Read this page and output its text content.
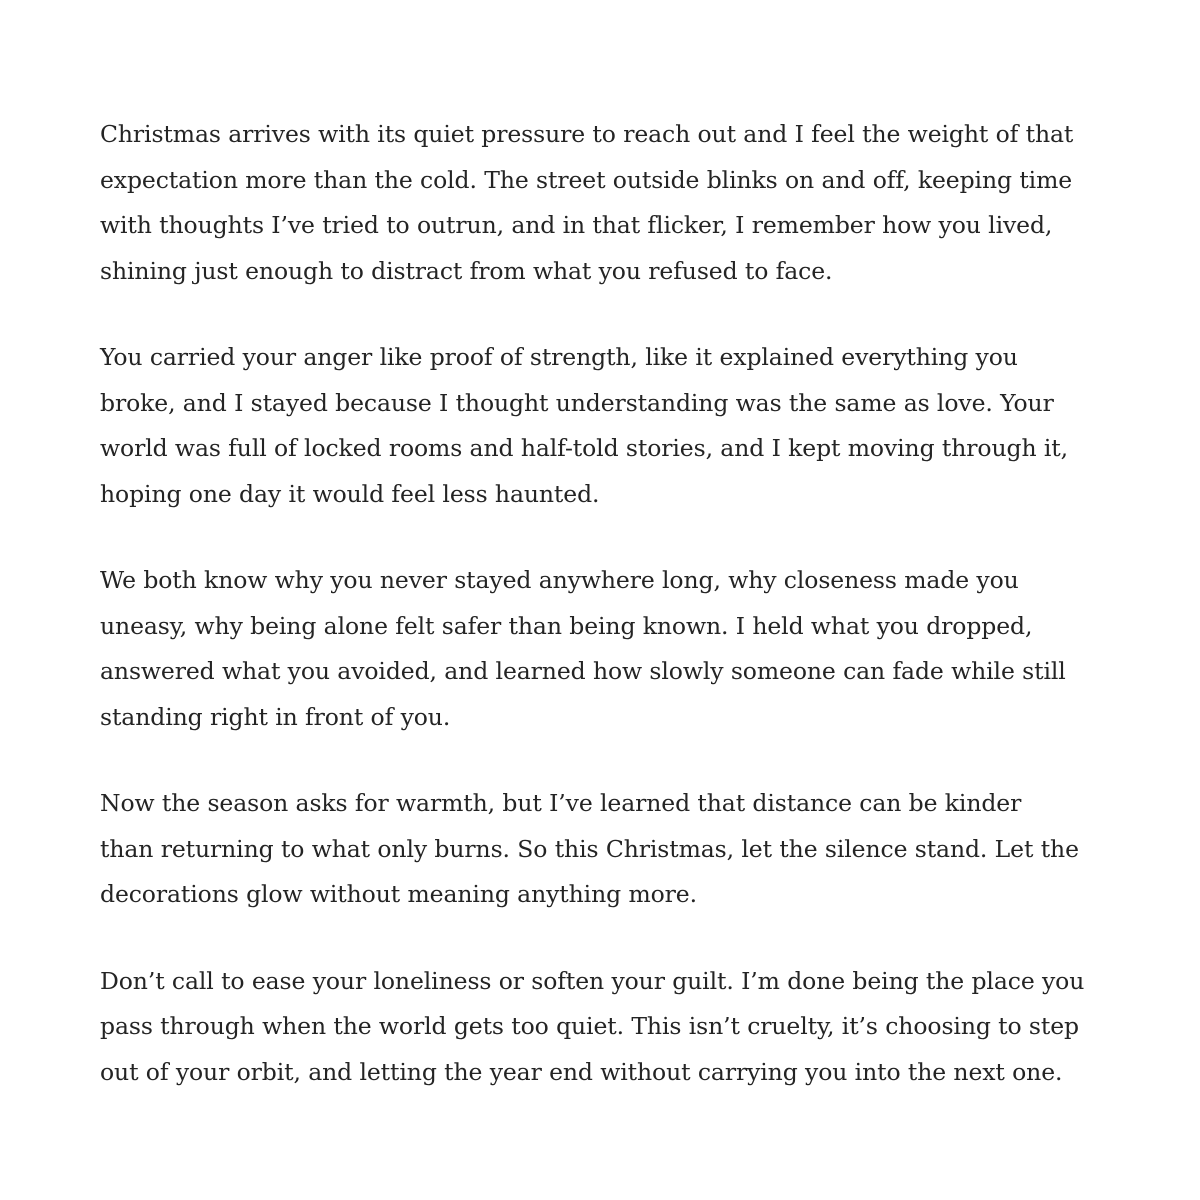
Christmas arrives with its quiet pressure to reach out and I feel the weight of that
expectation more than the cold. The street outside blinks on and off, keeping time
with thoughts I’ve tried to outrun, and in that flicker, I remember how you lived,
shining just enough to distract from what you refused to face.

You carried your anger like proof of strength, like it explained everything you
broke, and I stayed because I thought understanding was the same as love. Your
world was full of locked rooms and half-told stories, and I kept moving through it,
hoping one day it would feel less haunted.

We both know why you never stayed anywhere long, why closeness made you
uneasy, why being alone felt safer than being known. I held what you dropped,
answered what you avoided, and learned how slowly someone can fade while still
standing right in front of you.

Now the season asks for warmth, but I’ve learned that distance can be kinder
than returning to what only burns. So this Christmas, let the silence stand. Let the
decorations glow without meaning anything more.

Don’t call to ease your loneliness or soften your guilt. I’m done being the place you
pass through when the world gets too quiet. This isn’t cruelty, it’s choosing to step
out of your orbit, and letting the year end without carrying you into the next one.
